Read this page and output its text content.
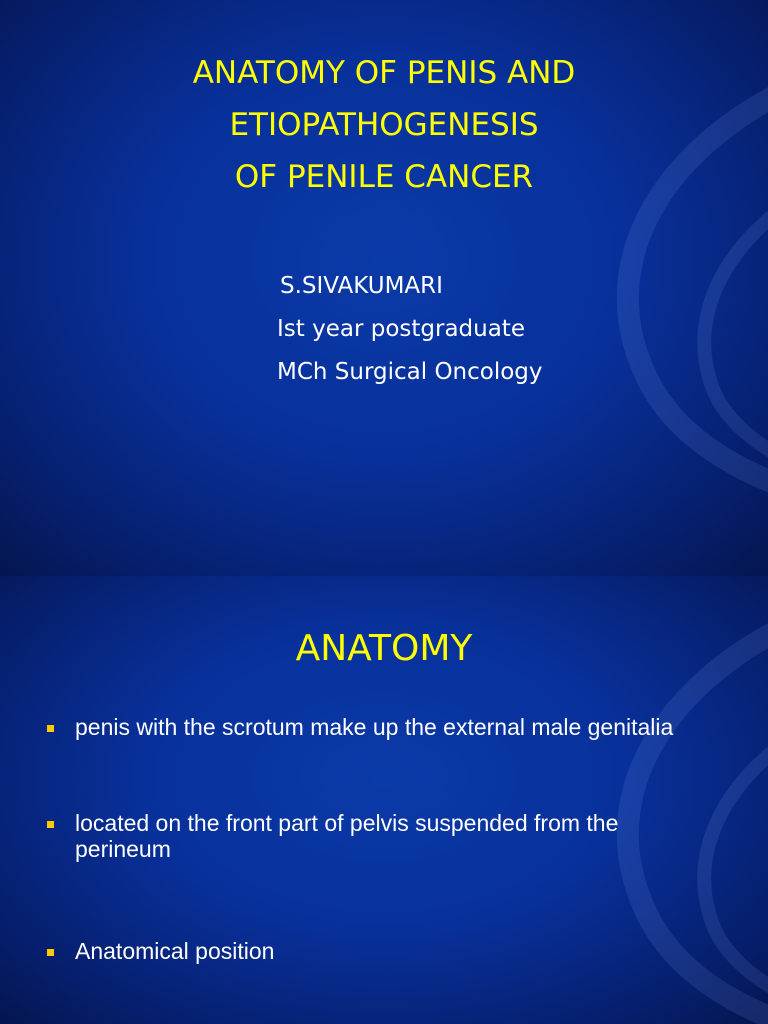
ANATOMY OF PENIS AND
ETIOPATHOGENESIS
OF PENILE CANCER
S.SIVAKUMARI
Ist year postgraduate
MCh Surgical Oncology
ANATOMY
penis with the scrotum make up the external male genitalia
located on the front part of pelvis suspended from the perineum
Anatomical position
